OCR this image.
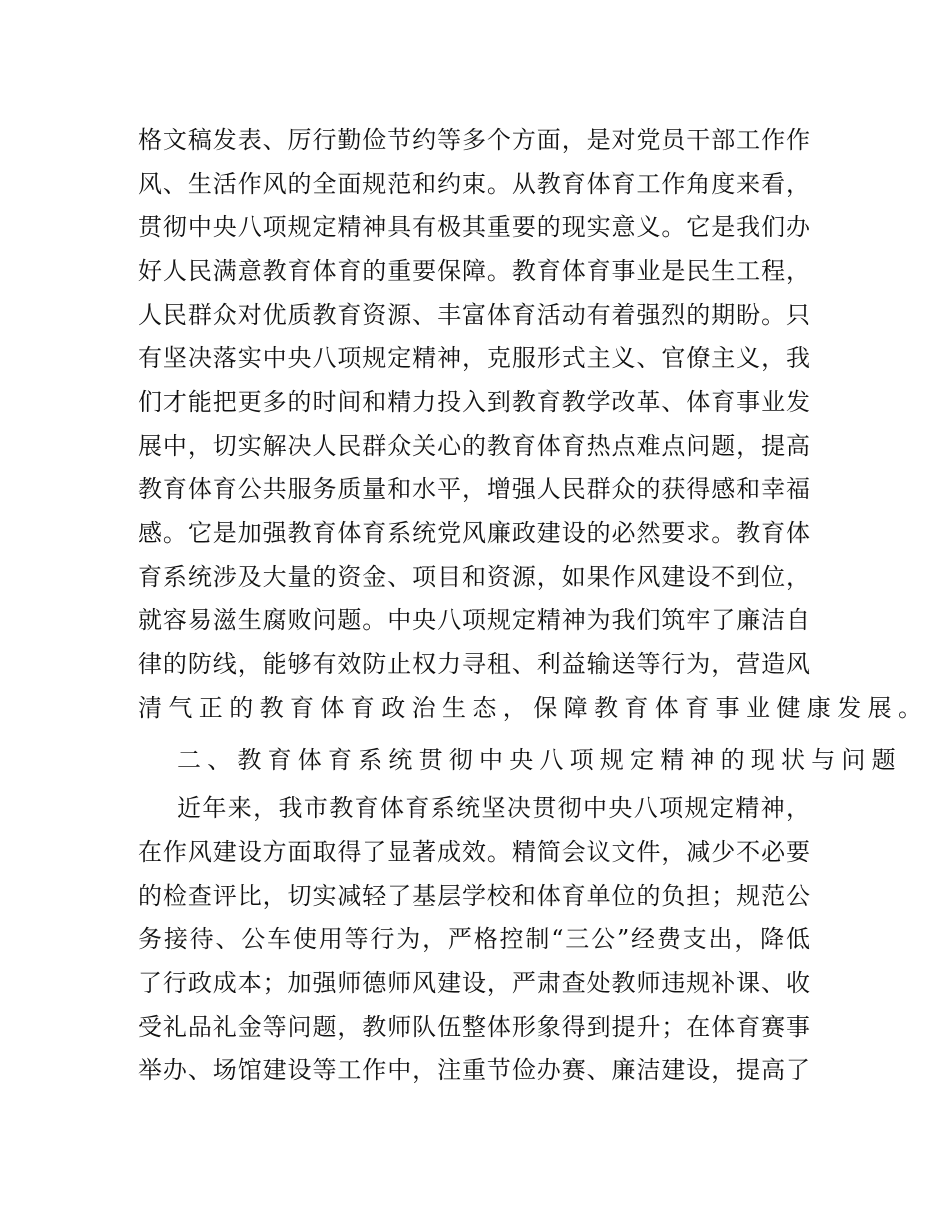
格文稿发表、厉行勤俭节约等多个方面，是对党员干部工作作
风、生活作风的全面规范和约束。从教育体育工作角度来看，
贯彻中央八项规定精神具有极其重要的现实意义。它是我们办
好人民满意教育体育的重要保障。教育体育事业是民生工程，
人民群众对优质教育资源、丰富体育活动有着强烈的期盼。只
有坚决落实中央八项规定精神，克服形式主义、官僚主义，我
们才能把更多的时间和精力投入到教育教学改革、体育事业发
展中，切实解决人民群众关心的教育体育热点难点问题，提高
教育体育公共服务质量和水平，增强人民群众的获得感和幸福
感。它是加强教育体育系统党风廉政建设的必然要求。教育体
育系统涉及大量的资金、项目和资源，如果作风建设不到位，
就容易滋生腐败问题。中央八项规定精神为我们筑牢了廉洁自
律的防线，能够有效防止权力寻租、利益输送等行为，营造风
清气正的教育体育政治生态，保障教育体育事业健康发展。
二、教育体育系统贯彻中央八项规定精神的现状与问题
近年来，我市教育体育系统坚决贯彻中央八项规定精神，
在作风建设方面取得了显著成效。精简会议文件，减少不必要
的检查评比，切实减轻了基层学校和体育单位的负担；规范公
务接待、公车使用等行为，严格控制“三公”经费支出，降低
了行政成本；加强师德师风建设，严肃查处教师违规补课、收
受礼品礼金等问题，教师队伍整体形象得到提升；在体育赛事
举办、场馆建设等工作中，注重节俭办赛、廉洁建设，提高了
